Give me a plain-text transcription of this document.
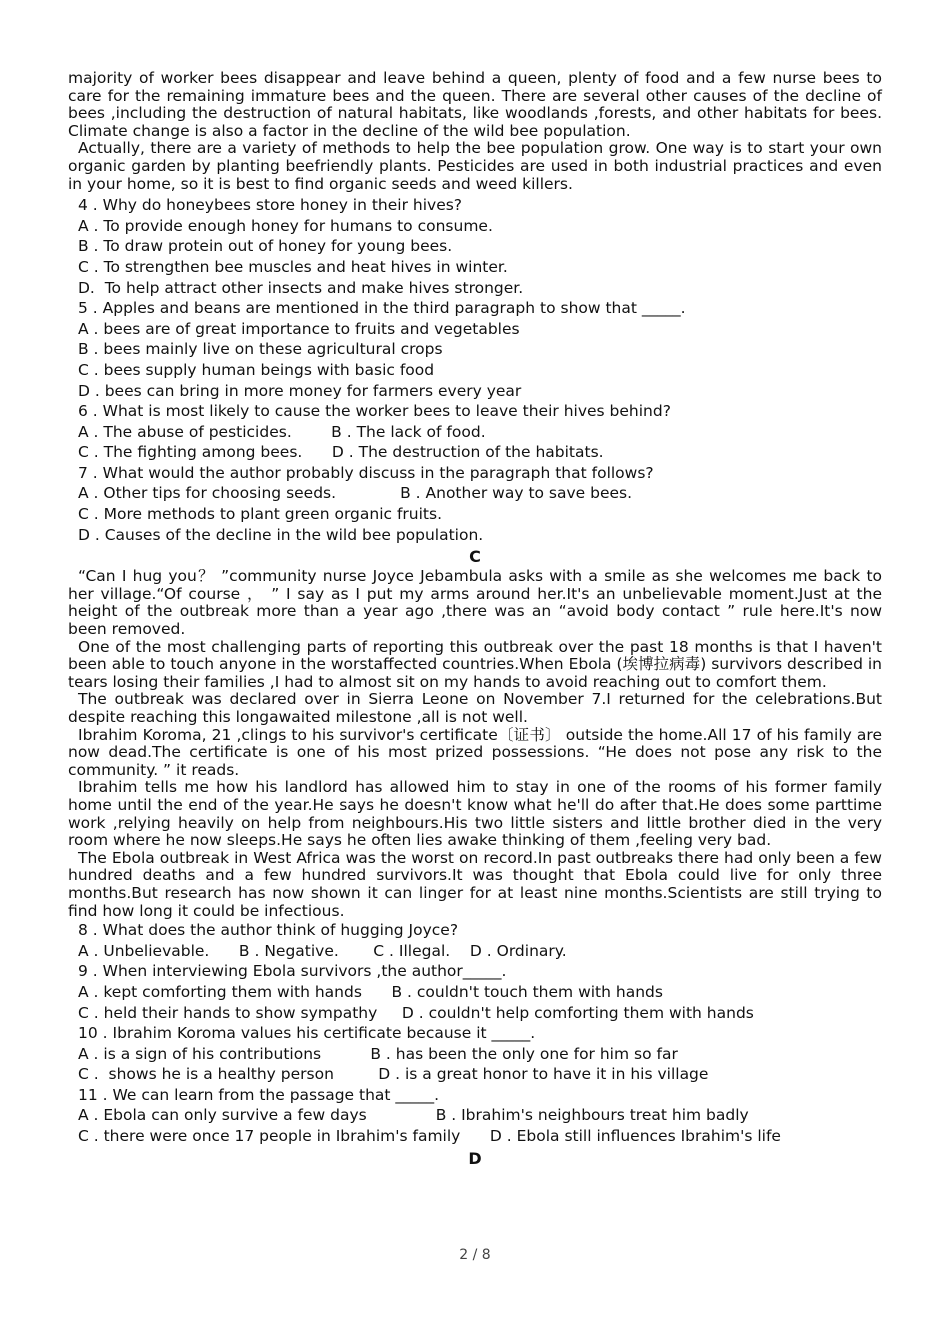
majority of worker bees disappear and leave behind a queen, plenty of food and a few nurse bees to care for the remaining immature bees and the queen. There are several other causes of the decline of bees ,including the destruction of natural habitats, like woodlands ,forests, and other habitats for bees. Climate change is also a factor in the decline of the wild bee population.

Actually, there are a variety of methods to help the bee population grow. One way is to start your own organic garden by planting beefriendly plants. Pesticides are used in both industrial practices and even in your home, so it is best to find organic seeds and weed killers.

4 . Why do honeybees store honey in their hives?

A . To provide enough honey for humans to consume.

B . To draw protein out of honey for young bees.

C . To strengthen bee muscles and heat hives in winter.

D.  To help attract other insects and make hives stronger.

5 . Apples and beans are mentioned in the third paragraph to show that _____.

A . bees are of great importance to fruits and vegetables

B . bees mainly live on these agricultural crops

C . bees supply human beings with basic food

D . bees can bring in more money for farmers every year

6 . What is most likely to cause the worker bees to leave their hives behind?

A . The abuse of pesticides.        B . The lack of food.

C . The fighting among bees.      D . The destruction of the habitats.

7 . What would the author probably discuss in the paragraph that follows?

A . Other tips for choosing seeds.             B . Another way to save bees.

C . More methods to plant green organic fruits.

D . Causes of the decline in the wild bee population.

C

“Can I hug you？ ”community nurse Joyce Jebambula asks with a smile as she welcomes me back to her village.“Of course ， ” I say as I put my arms around her.It's an unbelievable moment.Just at the height of the outbreak more than a year ago ,there was an “avoid body contact ” rule here.It's now been removed.

One of the most challenging parts of reporting this outbreak over the past 18 months is that I haven't been able to touch anyone in the worstaffected countries.When Ebola (埃博拉病毒) survivors described in tears losing their families ,I had to almost sit on my hands to avoid reaching out to comfort them.

The outbreak was declared over in Sierra Leone on November 7.I returned for the celebrations.But despite reaching this longawaited milestone ,all is not well.

Ibrahim Koroma, 21 ,clings to his survivor's certificate〔证书〕 outside the home.All 17 of his family are now dead.The certificate is one of his most prized possessions. “He does not pose any risk to the community. ” it reads.

Ibrahim tells me how his landlord has allowed him to stay in one of the rooms of his former family home until the end of the year.He says he doesn't know what he'll do after that.He does some parttime work ,relying heavily on help from neighbours.His two little sisters and little brother died in the very room where he now sleeps.He says he often lies awake thinking of them ,feeling very bad.

The Ebola outbreak in West Africa was the worst on record.In past outbreaks there had only been a few hundred deaths and a few hundred survivors.It was thought that Ebola could live for only three months.But research has now shown it can linger for at least nine months.Scientists are still trying to find how long it could be infectious.

8 . What does the author think of hugging Joyce?

A . Unbelievable.      B . Negative.       C . Illegal.    D . Ordinary.

9 . When interviewing Ebola survivors ,the author_____.

A . kept comforting them with hands      B . couldn't touch them with hands

C . held their hands to show sympathy     D . couldn't help comforting them with hands

10 . Ibrahim Koroma values his certificate because it _____.

A . is a sign of his contributions          B . has been the only one for him so far

C .  shows he is a healthy person         D . is a great honor to have it in his village

11 . We can learn from the passage that _____.

A . Ebola can only survive a few days              B . Ibrahim's neighbours treat him badly

C . there were once 17 people in Ibrahim's family      D . Ebola still influences Ibrahim's life

D

2 / 8
